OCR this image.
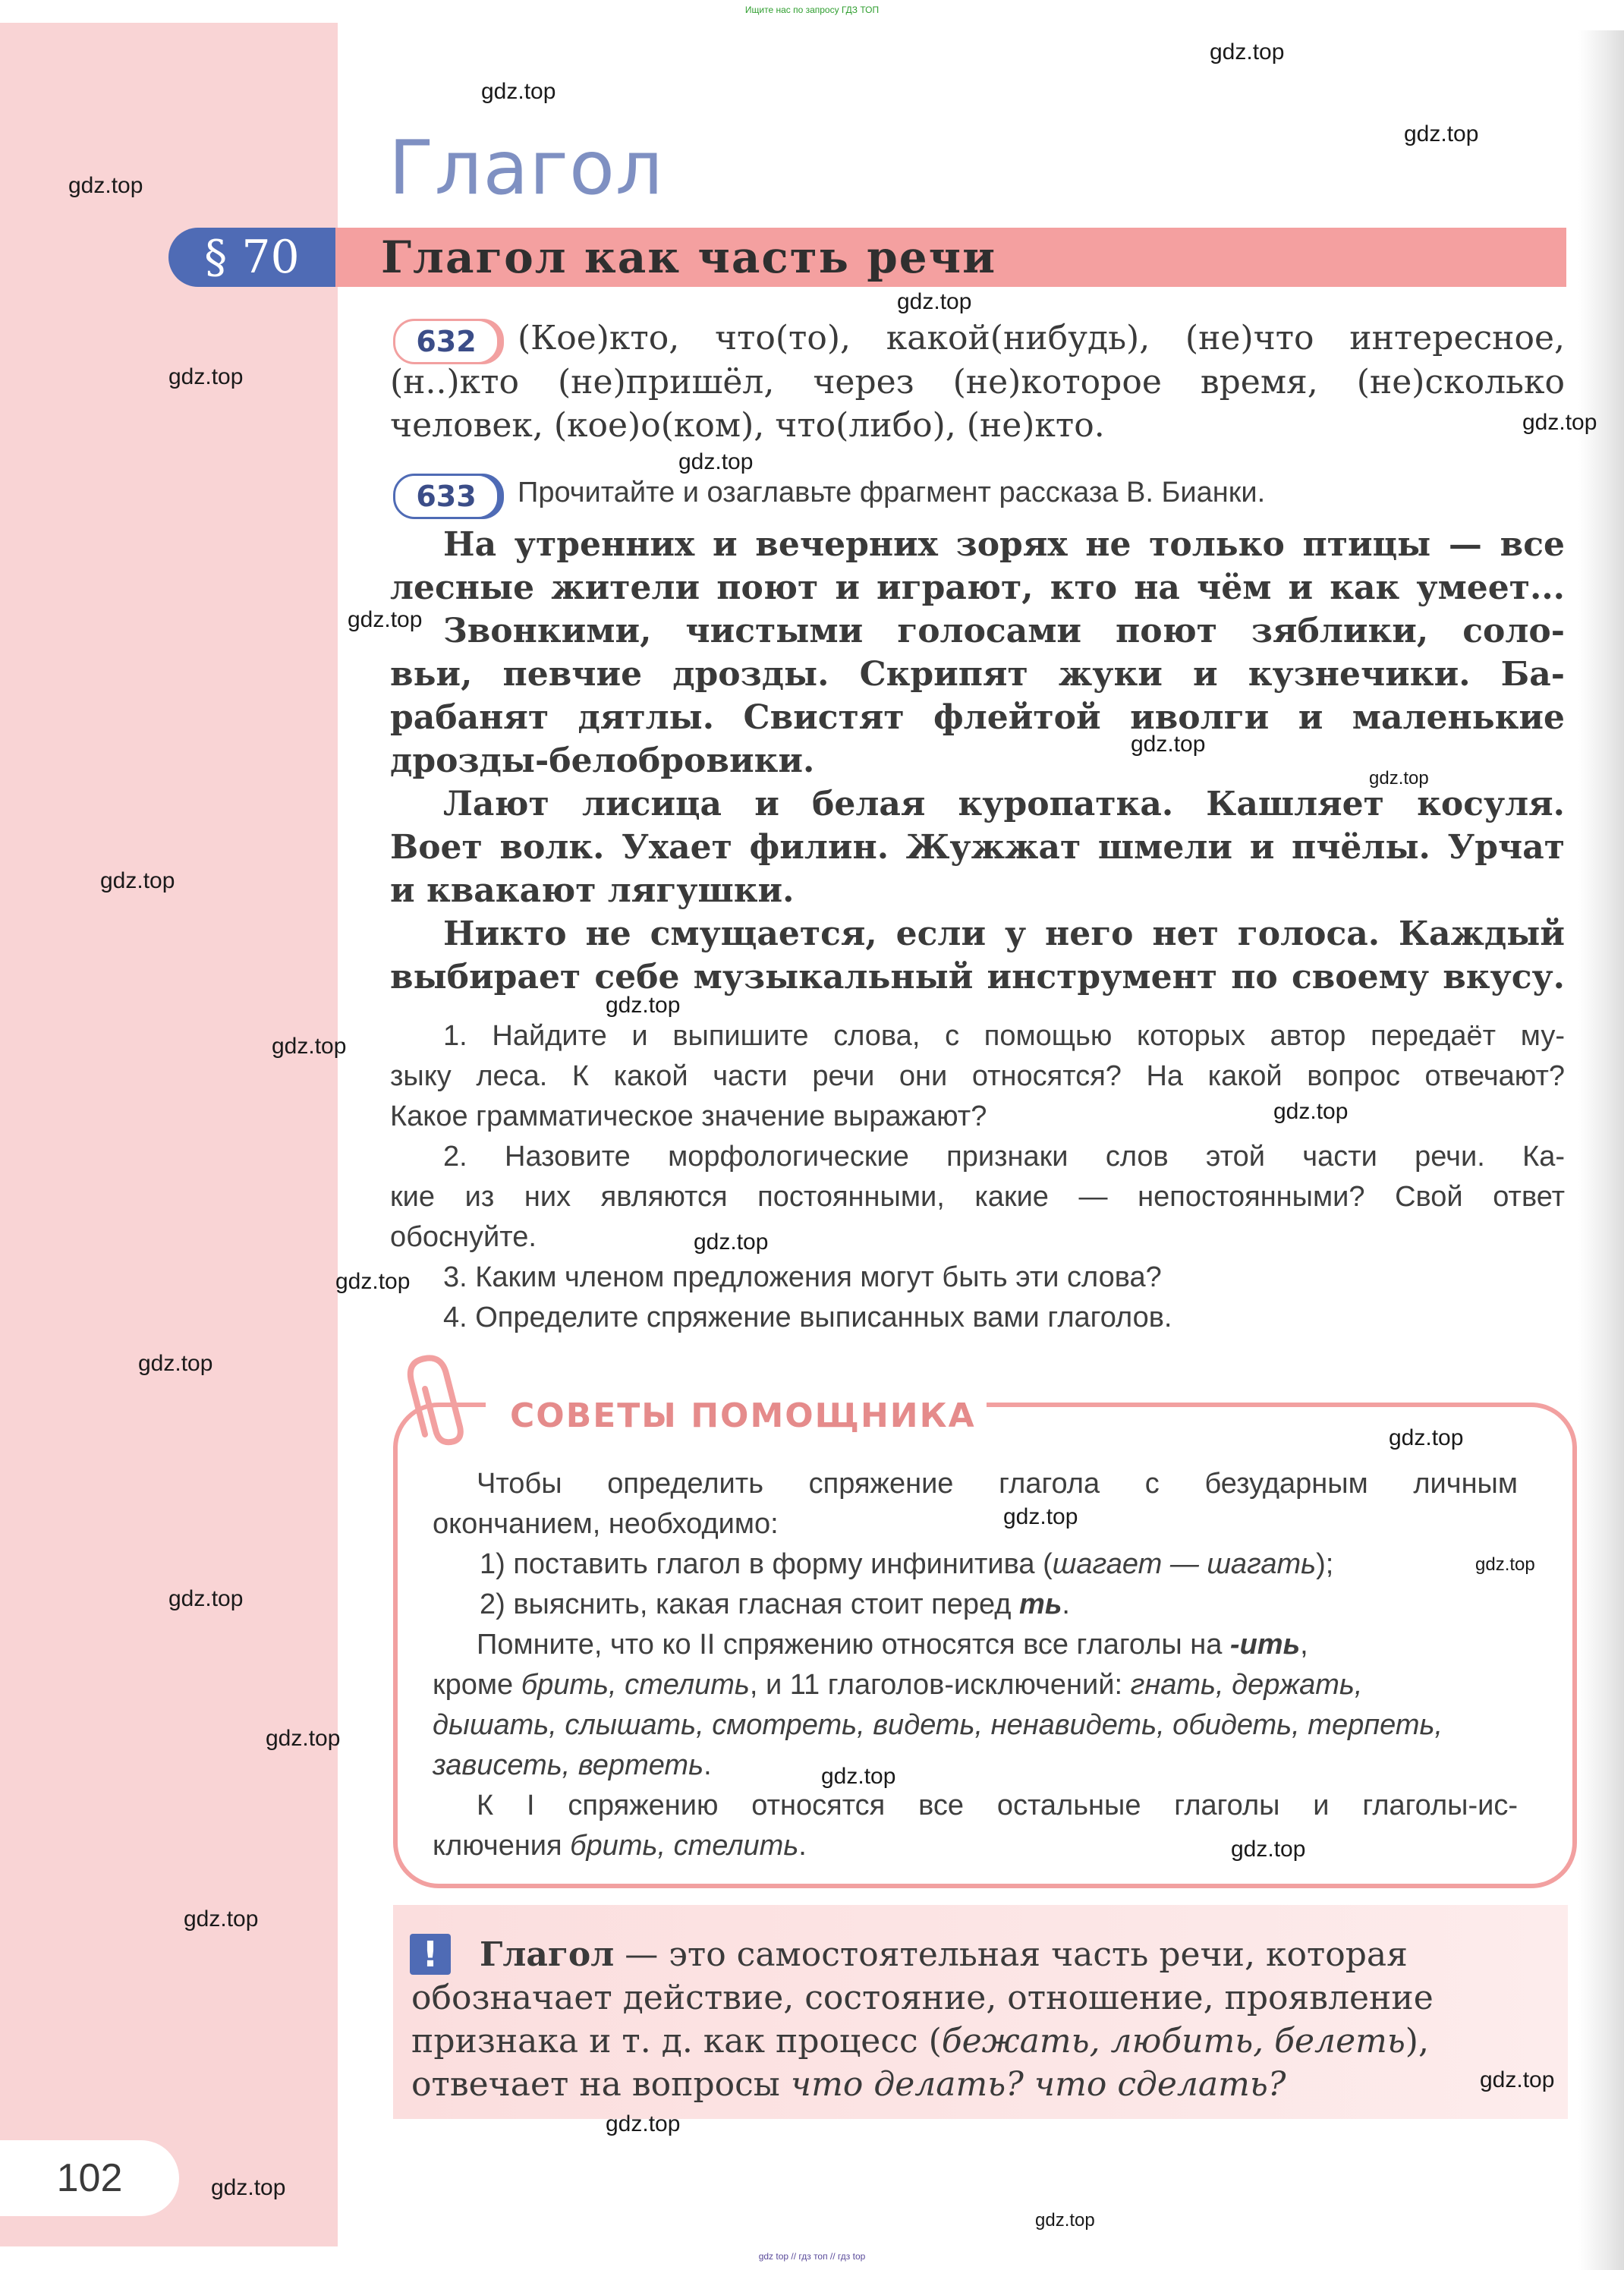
Ищите нас по запросу ГДЗ ТОП
Глагол
§ 70	Глагол как часть речи
632	(Кое)кто, что(то), какой(нибудь), (не)что интересное,
(н..)кто (не)пришёл, через (не)которое время, (не)сколько
человек, (кое)о(ком), что(либо), (не)кто.
633	Прочитайте и озаглавьте фрагмент рассказа В. Бианки.
На утренних и вечерних зорях не только птицы — все
лесные жители поют и играют, кто на чём и как умеет...
Звонкими, чистыми голосами поют зяблики, соло-
вьи, певчие дрозды. Скрипят жуки и кузнечики. Ба-
рабанят дятлы. Свистят флейтой иволги и маленькие
дрозды-белобровики.
Лают лисица и белая куропатка. Кашляет косуля.
Воет волк. Ухает филин. Жужжат шмели и пчёлы. Урчат
и квакают лягушки.
Никто не смущается, если у него нет голоса. Каждый
выбирает себе музыкальный инструмент по своему вкусу.
1. Найдите и выпишите слова, с помощью которых автор передаёт му-
зыку леса. К какой части речи они относятся? На какой вопрос отвечают?
Какое грамматическое значение выражают?
2. Назовите морфологические признаки слов этой части речи. Ка-
кие из них являются постоянными, какие — непостоянными? Свой ответ
обоснуйте.
3. Каким членом предложения могут быть эти слова?
4. Определите спряжение выписанных вами глаголов.
СОВЕТЫ ПОМОЩНИКА
Чтобы определить спряжение глагола с безударным личным
окончанием, необходимо:
1) поставить глагол в форму инфинитива (шагает — шагать);
2) выяснить, какая гласная стоит перед ть.
Помните, что ко II спряжению относятся все глаголы на -ить,
кроме брить, стелить, и 11 глаголов-исключений: гнать, держать,
дышать, слышать, смотреть, видеть, ненавидеть, обидеть, терпеть,
зависеть, вертеть.
К I спряжению относятся все остальные глаголы и глаголы-ис-
ключения брить, стелить.
!	Глагол — это самостоятельная часть речи, которая
обозначает действие, состояние, отношение, проявление
признака и т. д. как процесс (бежать, любить, белеть),
отвечает на вопросы что делать? что сделать?
102
gdz.top
gdz.top
gdz.top
gdz.top
gdz.top
gdz.top
gdz.top
gdz.top
gdz.top
gdz.top
gdz.top
gdz.top
gdz.top
gdz.top
gdz.top
gdz.top
gdz.top
gdz.top
gdz.top
gdz.top
gdz.top
gdz.top
gdz.top
gdz.top
gdz.top
gdz.top
gdz.top
gdz.top
gdz.top
gdz.top
gdz top // гдз топ // гдз top
